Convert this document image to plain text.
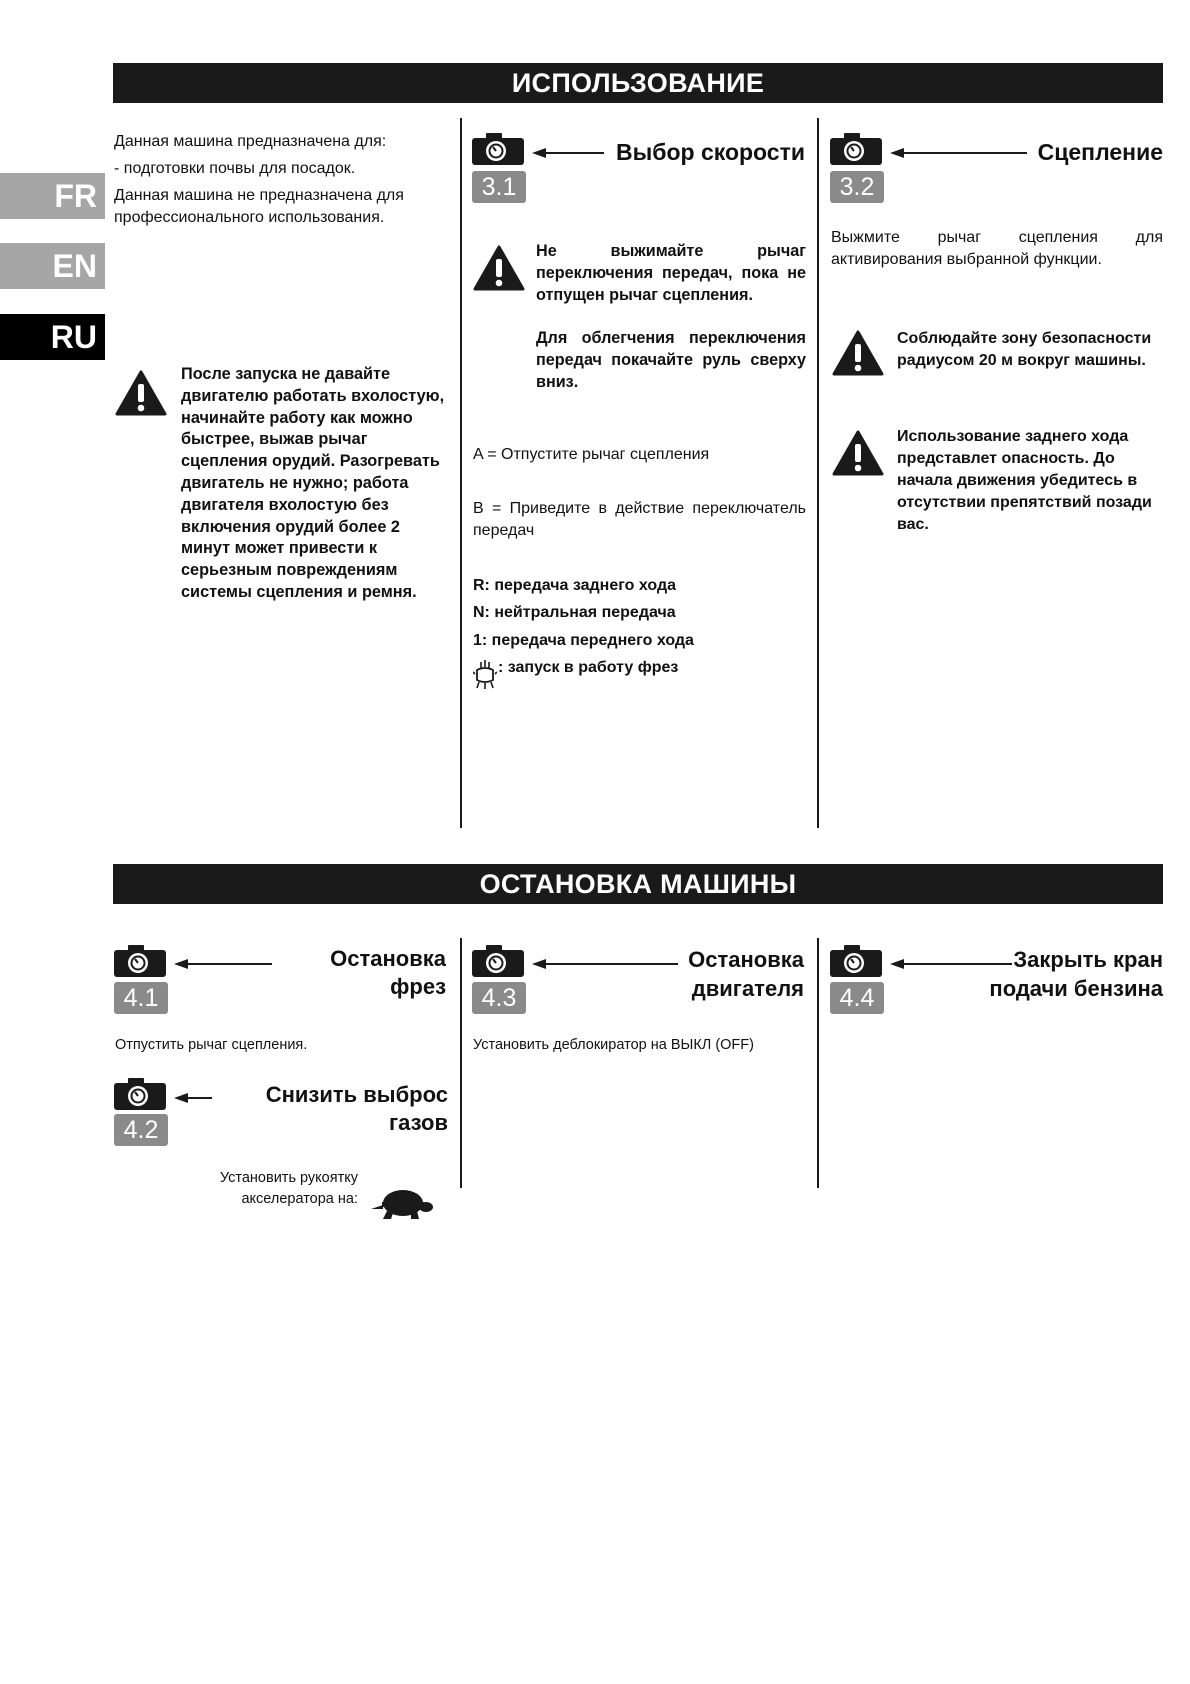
FR
EN
RU
ИСПОЛЬЗОВАНИЕ
Данная машина предназначена для:
- подготовки почвы для посадок.
Данная машина не предназначена для профессионального использования.
После запуска не давайте двигателю работать вхолостую, начинайте работу как можно быстрее, выжав рычаг сцепления орудий. Разогревать двигатель не нужно; работа двигателя вхолостую без включения орудий более 2 минут может привести к серьезным повреждениям системы сцепления и ремня.
3.1
Выбор скорости
Не выжимайте рычаг переключения передач, пока не отпущен рычаг сцепления.
Для облегчения переключения передач покачайте руль сверху вниз.
A = Отпустите рычаг сцепления
B = Приведите в действие переключатель передач
R: передача заднего хода
N: нейтральная передача
1: передача переднего хода
: запуск в работу фрез
3.2
Сцепление
Выжмите рычаг сцепления для активирования выбранной функции.
Соблюдайте зону безопасности радиусом 20 м вокруг машины.
Использование заднего хода представлет опасность. До начала движения убедитесь в отсутствии препятствий позади вас.
ОСТАНОВКА МАШИНЫ
4.1
Остановка фрез
Отпустить рычаг сцепления.
4.2
Снизить выброс газов
Установить рукоятку
акселератора на:
4.3
Остановка
двигателя
Установить деблокиратор на ВЫКЛ (OFF)
4.4
Закрыть кран
подачи бензина
